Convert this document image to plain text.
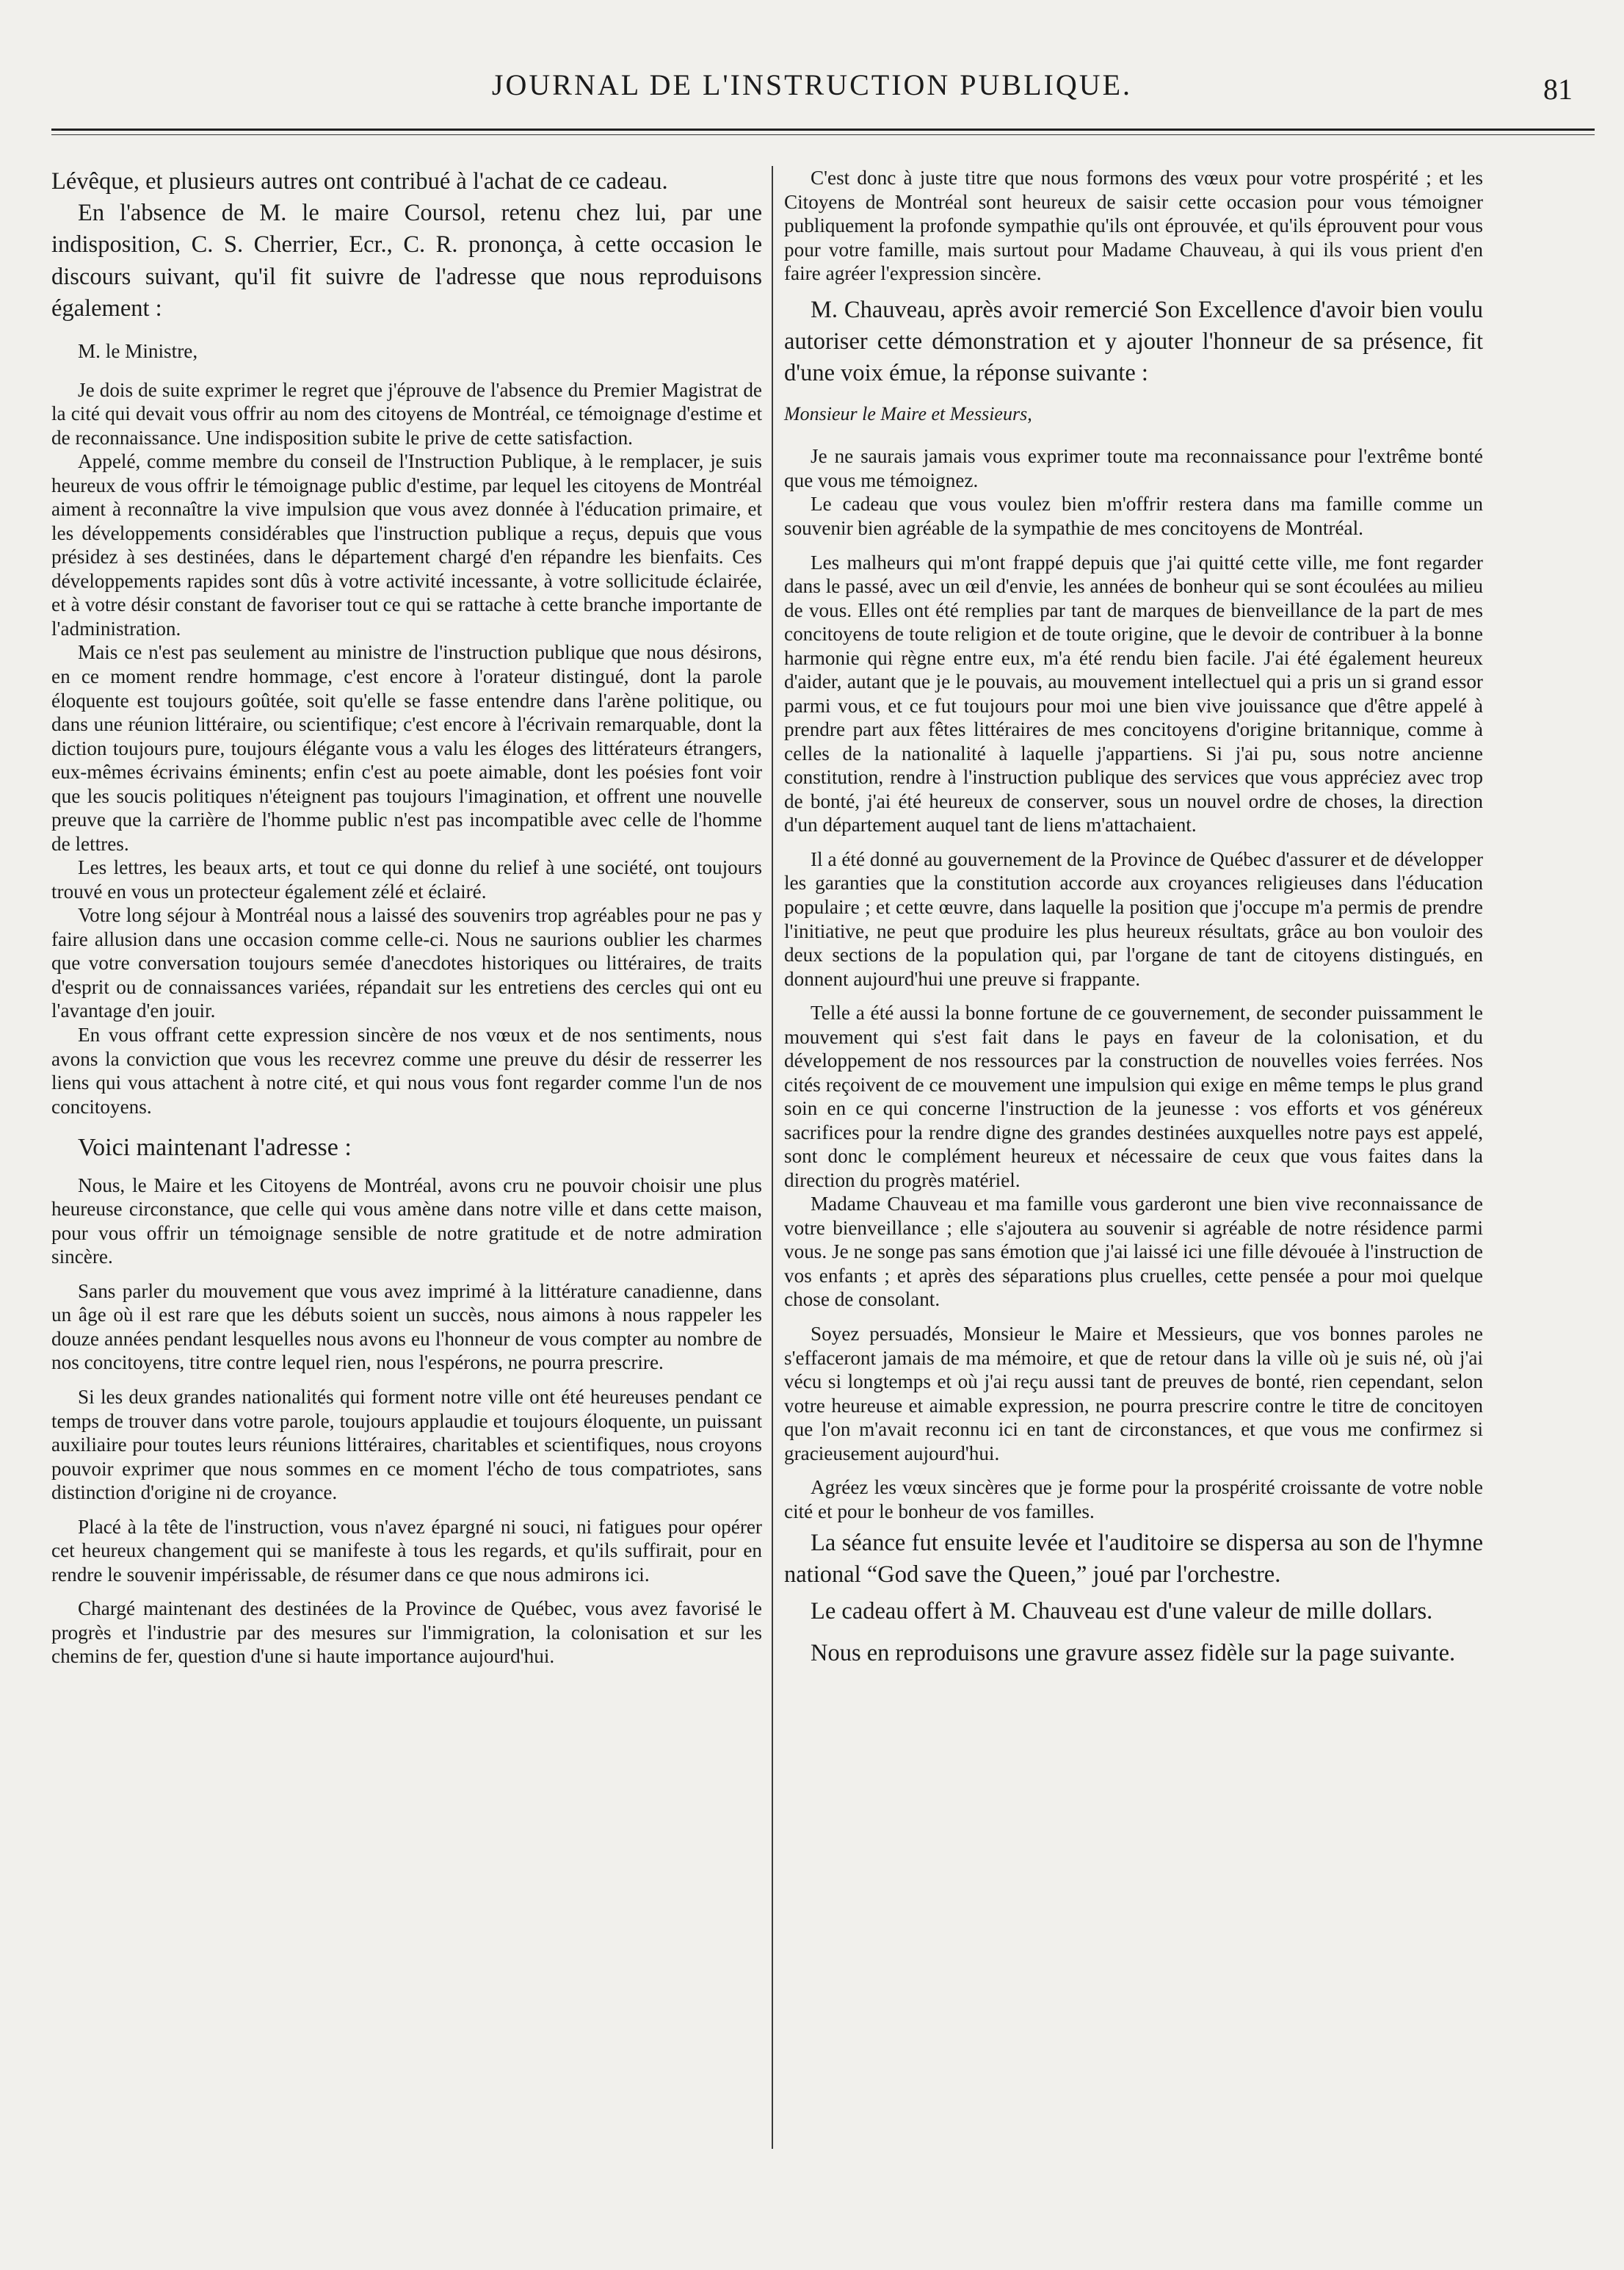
JOURNAL DE L'INSTRUCTION PUBLIQUE.	81

Lévêque, et plusieurs autres ont contribué à l'achat de ce cadeau.

En l'absence de M. le maire Coursol, retenu chez lui, par une indisposition, C. S. Cherrier, Ecr., C. R. prononça, à cette occasion le discours suivant, qu'il fit suivre de l'adresse que nous reproduisons également :

M. le Ministre,

Je dois de suite exprimer le regret que j'éprouve de l'absence du Premier Magistrat de la cité qui devait vous offrir au nom des citoyens de Montréal, ce témoignage d'estime et de reconnaissance. Une indisposition subite le prive de cette satisfaction.

Appelé, comme membre du conseil de l'Instruction Publique, à le remplacer, je suis heureux de vous offrir le témoignage public d'estime, par lequel les citoyens de Montréal aiment à reconnaître la vive impulsion que vous avez donnée à l'éducation primaire, et les développements considérables que l'instruction publique a reçus, depuis que vous présidez à ses destinées, dans le département chargé d'en répandre les bienfaits. Ces développements rapides sont dûs à votre activité incessante, à votre sollicitude éclairée, et à votre désir constant de favoriser tout ce qui se rattache à cette branche importante de l'administration.

Mais ce n'est pas seulement au ministre de l'instruction publique que nous désirons, en ce moment rendre hommage, c'est encore à l'orateur distingué, dont la parole éloquente est toujours goûtée, soit qu'elle se fasse entendre dans l'arène politique, ou dans une réunion littéraire, ou scientifique; c'est encore à l'écrivain remarquable, dont la diction toujours pure, toujours élégante vous a valu les éloges des littérateurs étrangers, eux-mêmes écrivains éminents; enfin c'est au poete aimable, dont les poésies font voir que les soucis politiques n'éteignent pas toujours l'imagination, et offrent une nouvelle preuve que la carrière de l'homme public n'est pas incompatible avec celle de l'homme de lettres.

Les lettres, les beaux arts, et tout ce qui donne du relief à une société, ont toujours trouvé en vous un protecteur également zélé et éclairé.

Votre long séjour à Montréal nous a laissé des souvenirs trop agréables pour ne pas y faire allusion dans une occasion comme celle-ci. Nous ne saurions oublier les charmes que votre conversation toujours semée d'anecdotes historiques ou littéraires, de traits d'esprit ou de connaissances variées, répandait sur les entretiens des cercles qui ont eu l'avantage d'en jouir.

En vous offrant cette expression sincère de nos vœux et de nos sentiments, nous avons la conviction que vous les recevrez comme une preuve du désir de resserrer les liens qui vous attachent à notre cité, et qui nous vous font regarder comme l'un de nos concitoyens.

Voici maintenant l'adresse :

Nous, le Maire et les Citoyens de Montréal, avons cru ne pouvoir choisir une plus heureuse circonstance, que celle qui vous amène dans notre ville et dans cette maison, pour vous offrir un témoignage sensible de notre gratitude et de notre admiration sincère.

Sans parler du mouvement que vous avez imprimé à la littérature canadienne, dans un âge où il est rare que les débuts soient un succès, nous aimons à nous rappeler les douze années pendant lesquelles nous avons eu l'honneur de vous compter au nombre de nos concitoyens, titre contre lequel rien, nous l'espérons, ne pourra prescrire.

Si les deux grandes nationalités qui forment notre ville ont été heureuses pendant ce temps de trouver dans votre parole, toujours applaudie et toujours éloquente, un puissant auxiliaire pour toutes leurs réunions littéraires, charitables et scientifiques, nous croyons pouvoir exprimer que nous sommes en ce moment l'écho de tous compatriotes, sans distinction d'origine ni de croyance.

Placé à la tête de l'instruction, vous n'avez épargné ni souci, ni fatigues pour opérer cet heureux changement qui se manifeste à tous les regards, et qu'ils suffirait, pour en rendre le souvenir impérissable, de résumer dans ce que nous admirons ici.

Chargé maintenant des destinées de la Province de Québec, vous avez favorisé le progrès et l'industrie par des mesures sur l'immigration, la colonisation et sur les chemins de fer, question d'une si haute importance aujourd'hui.

C'est donc à juste titre que nous formons des vœux pour votre prospérité ; et les Citoyens de Montréal sont heureux de saisir cette occasion pour vous témoigner publiquement la profonde sympathie qu'ils ont éprouvée, et qu'ils éprouvent pour vous pour votre famille, mais surtout pour Madame Chauveau, à qui ils vous prient d'en faire agréer l'expression sincère.

M. Chauveau, après avoir remercié Son Excellence d'avoir bien voulu autoriser cette démonstration et y ajouter l'honneur de sa présence, fit d'une voix émue, la réponse suivante :

Monsieur le Maire et Messieurs,

Je ne saurais jamais vous exprimer toute ma reconnaissance pour l'extrême bonté que vous me témoignez.

Le cadeau que vous voulez bien m'offrir restera dans ma famille comme un souvenir bien agréable de la sympathie de mes concitoyens de Montréal.

Les malheurs qui m'ont frappé depuis que j'ai quitté cette ville, me font regarder dans le passé, avec un œil d'envie, les années de bonheur qui se sont écoulées au milieu de vous. Elles ont été remplies par tant de marques de bienveillance de la part de mes concitoyens de toute religion et de toute origine, que le devoir de contribuer à la bonne harmonie qui règne entre eux, m'a été rendu bien facile. J'ai été également heureux d'aider, autant que je le pouvais, au mouvement intellectuel qui a pris un si grand essor parmi vous, et ce fut toujours pour moi une bien vive jouissance que d'être appelé à prendre part aux fêtes littéraires de mes concitoyens d'origine britannique, comme à celles de la nationalité à laquelle j'appartiens. Si j'ai pu, sous notre ancienne constitution, rendre à l'instruction publique des services que vous appréciez avec trop de bonté, j'ai été heureux de conserver, sous un nouvel ordre de choses, la direction d'un département auquel tant de liens m'attachaient.

Il a été donné au gouvernement de la Province de Québec d'assurer et de développer les garanties que la constitution accorde aux croyances religieuses dans l'éducation populaire ; et cette œuvre, dans laquelle la position que j'occupe m'a permis de prendre l'initiative, ne peut que produire les plus heureux résultats, grâce au bon vouloir des deux sections de la population qui, par l'organe de tant de citoyens distingués, en donnent aujourd'hui une preuve si frappante.

Telle a été aussi la bonne fortune de ce gouvernement, de seconder puissamment le mouvement qui s'est fait dans le pays en faveur de la colonisation, et du développement de nos ressources par la construction de nouvelles voies ferrées. Nos cités reçoivent de ce mouvement une impulsion qui exige en même temps le plus grand soin en ce qui concerne l'instruction de la jeunesse : vos efforts et vos généreux sacrifices pour la rendre digne des grandes destinées auxquelles notre pays est appelé, sont donc le complément heureux et nécessaire de ceux que vous faites dans la direction du progrès matériel.

Madame Chauveau et ma famille vous garderont une bien vive reconnaissance de votre bienveillance ; elle s'ajoutera au souvenir si agréable de notre résidence parmi vous. Je ne songe pas sans émotion que j'ai laissé ici une fille dévouée à l'instruction de vos enfants ; et après des séparations plus cruelles, cette pensée a pour moi quelque chose de consolant.

Soyez persuadés, Monsieur le Maire et Messieurs, que vos bonnes paroles ne s'effaceront jamais de ma mémoire, et que de retour dans la ville où je suis né, où j'ai vécu si longtemps et où j'ai reçu aussi tant de preuves de bonté, rien cependant, selon votre heureuse et aimable expression, ne pourra prescrire contre le titre de concitoyen que l'on m'avait reconnu ici en tant de circonstances, et que vous me confirmez si gracieusement aujourd'hui.

Agréez les vœux sincères que je forme pour la prospérité croissante de votre noble cité et pour le bonheur de vos familles.

La séance fut ensuite levée et l'auditoire se dispersa au son de l'hymne national “God save the Queen,” joué par l'orchestre.

Le cadeau offert à M. Chauveau est d'une valeur de mille dollars.

Nous en reproduisons une gravure assez fidèle sur la page suivante.
